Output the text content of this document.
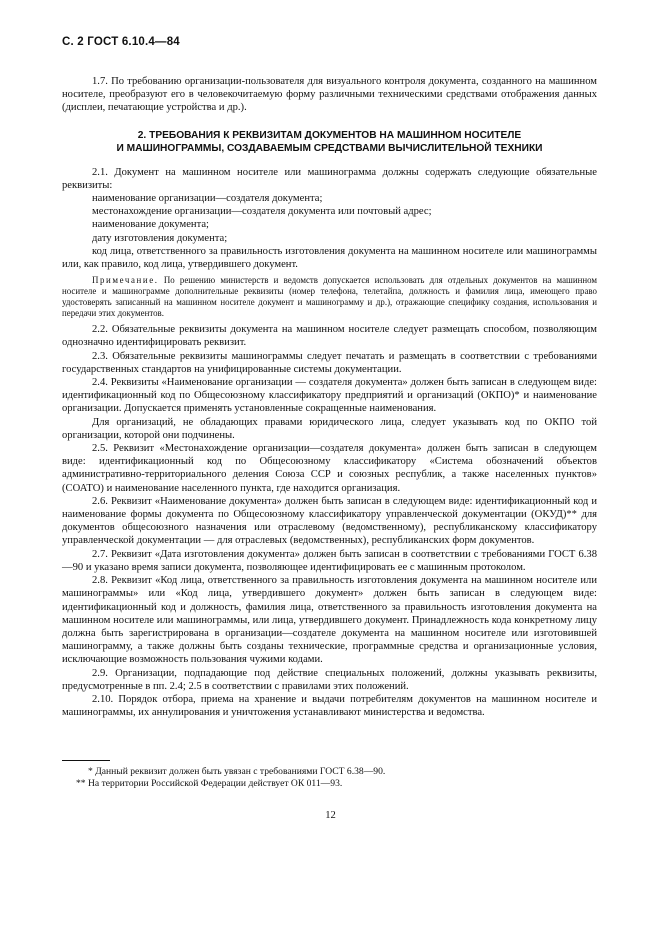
С. 2 ГОСТ 6.10.4—84

1.7. По требованию организации-пользователя для визуального контроля документа, созданного на машинном носителе, преобразуют его в человекочитаемую форму различными техническими средствами отображения данных (дисплеи, печатающие устройства и др.).

2. ТРЕБОВАНИЯ К РЕКВИЗИТАМ ДОКУМЕНТОВ НА МАШИННОМ НОСИТЕЛЕ
И МАШИНОГРАММЫ, СОЗДАВАЕМЫМ СРЕДСТВАМИ ВЫЧИСЛИТЕЛЬНОЙ ТЕХНИКИ

2.1. Документ на машинном носителе или машинограмма должны содержать следующие обязательные реквизиты:

наименование организации—создателя документа;
местонахождение организации—создателя документа или почтовый адрес;
наименование документа;
дату изготовления документа;
код лица, ответственного за правильность изготовления документа на машинном носителе или машинограммы или, как правило, код лица, утвердившего документ.
Примечание. По решению министерств и ведомств допускается использовать для отдельных документов на машинном носителе и машинограмме дополнительные реквизиты (номер телефона, телетайпа, должность и фамилия лица, имеющего право удостоверять записанный на машинном носителе документ и машинограмму и др.), отражающие специфику создания, использования и передачи этих документов.

2.2. Обязательные реквизиты документа на машинном носителе следует размещать способом, позволяющим однозначно идентифицировать реквизит.

2.3. Обязательные реквизиты машинограммы следует печатать и размещать в соответствии с требованиями государственных стандартов на унифицированные системы документации.

2.4. Реквизиты «Наименование организации — создателя документа» должен быть записан в следующем виде: идентификационный код по Общесоюзному классификатору предприятий и организаций (ОКПО)* и наименование организации. Допускается применять установленные сокращенные наименования.

Для организаций, не обладающих правами юридического лица, следует указывать код по ОКПО той организации, которой они подчинены.

2.5. Реквизит «Местонахождение организации—создателя документа» должен быть записан в следующем виде: идентификационный код по Общесоюзному классификатору «Система обозначений объектов административно-территориального деления Союза ССР и союзных республик, а также населенных пунктов» (СОАТО) и наименование населенного пункта, где находится организация.

2.6. Реквизит «Наименование документа» должен быть записан в следующем виде: идентификационный код и наименование формы документа по Общесоюзному классификатору управленческой документации (ОКУД)** для документов общесоюзного назначения или отраслевому (ведомственному), республиканскому классификатору управленческой документации — для отраслевых (ведомственных), республиканских форм документов.

2.7. Реквизит «Дата изготовления документа» должен быть записан в соответствии с требованиями ГОСТ 6.38—90 и указано время записи документа, позволяющее идентифицировать ее с машинным протоколом.

2.8. Реквизит «Код лица, ответственного за правильность изготовления документа на машинном носителе или машинограммы» или «Код лица, утвердившего документ» должен быть записан в следующем виде: идентификационный код и должность, фамилия лица, ответственного за правильность изготовления документа на машинном носителе или машинограммы, или лица, утвердившего документ. Принадлежность кода конкретному лицу должна быть зарегистрирована в организации—создателе документа на машинном носителе или изготовившей машинограмму, а также должны быть созданы технические, программные средства и организационные условия, исключающие возможность пользования чужими кодами.

2.9. Организации, подпадающие под действие специальных положений, должны указывать реквизиты, предусмотренные в пп. 2.4; 2.5 в соответствии с правилами этих положений.

2.10. Порядок отбора, приема на хранение и выдачи потребителям документов на машинном носителе и машинограммы, их аннулирования и уничтожения устанавливают министерства и ведомства.

* Данный реквизит должен быть увязан с требованиями ГОСТ 6.38—90.
** На территории Российской Федерации действует ОК 011—93.
12
